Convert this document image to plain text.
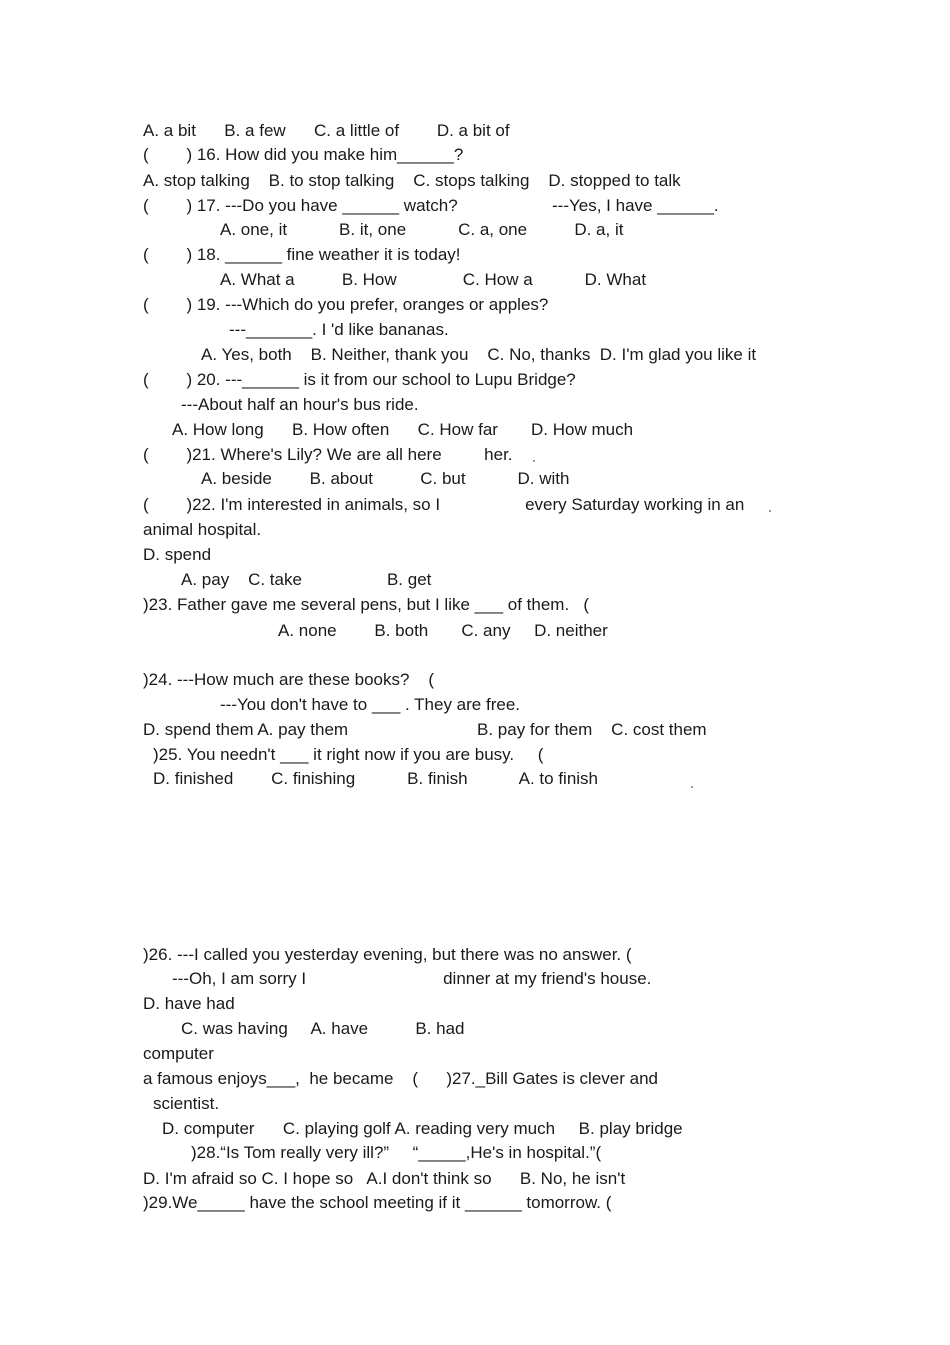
A. a bit      B. a few      C. a little of        D. a bit of
(        ) 16. How did you make him______?
A. stop talking    B. to stop talking    C. stops talking    D. stopped to talk
(        ) 17. ---Do you have ______ watch?	---Yes, I have ______.
A. one, it           B. it, one           C. a, one          D. a, it
(        ) 18. ______ fine weather it is today!
A. What a          B. How              C. How a           D. What
(        ) 19. ---Which do you prefer, oranges or apples?
---_______. I 'd like bananas.
A. Yes, both    B. Neither, thank you    C. No, thanks  D. I'm glad you like it
(        ) 20. ---______ is it from our school to Lupu Bridge?
---About half an hour's bus ride.
A. How long      B. How often      C. How far       D. How much
(        )21. Where's Lily? We are all here         her.
A. beside        B. about          C. but           D. with
(        )22. I'm interested in animals, so I                  every Saturday working in an
animal hospital.
D. spend
A. pay    C. take                  B. get
)23. Father gave me several pens, but I like ___ of them.   (
A. none        B. both       C. any     D. neither
)24. ---How much are these books?    (
---You don't have to ___ . They are free.
D. spend them A. pay them	B. pay for them    C. cost them
)25. You needn't ___ it right now if you are busy.     (
D. finished        C. finishing           B. finish           A. to finish
)26. ---I called you yesterday evening, but there was no answer. (
---Oh, I am sorry I                             dinner at my friend's house.
D. have had
C. was having     A. have          B. had
computer
a famous enjoys___,  he became    (      )27._Bill Gates is clever and
scientist.
D. computer      C. playing golf A. reading very much     B. play bridge
)28.“Is Tom really very ill?”     “_____,He's in hospital.”(
D. I'm afraid so C. I hope so   A.I don't think so      B. No, he isn't
)29.We_____ have the school meeting if it ______ tomorrow. (
